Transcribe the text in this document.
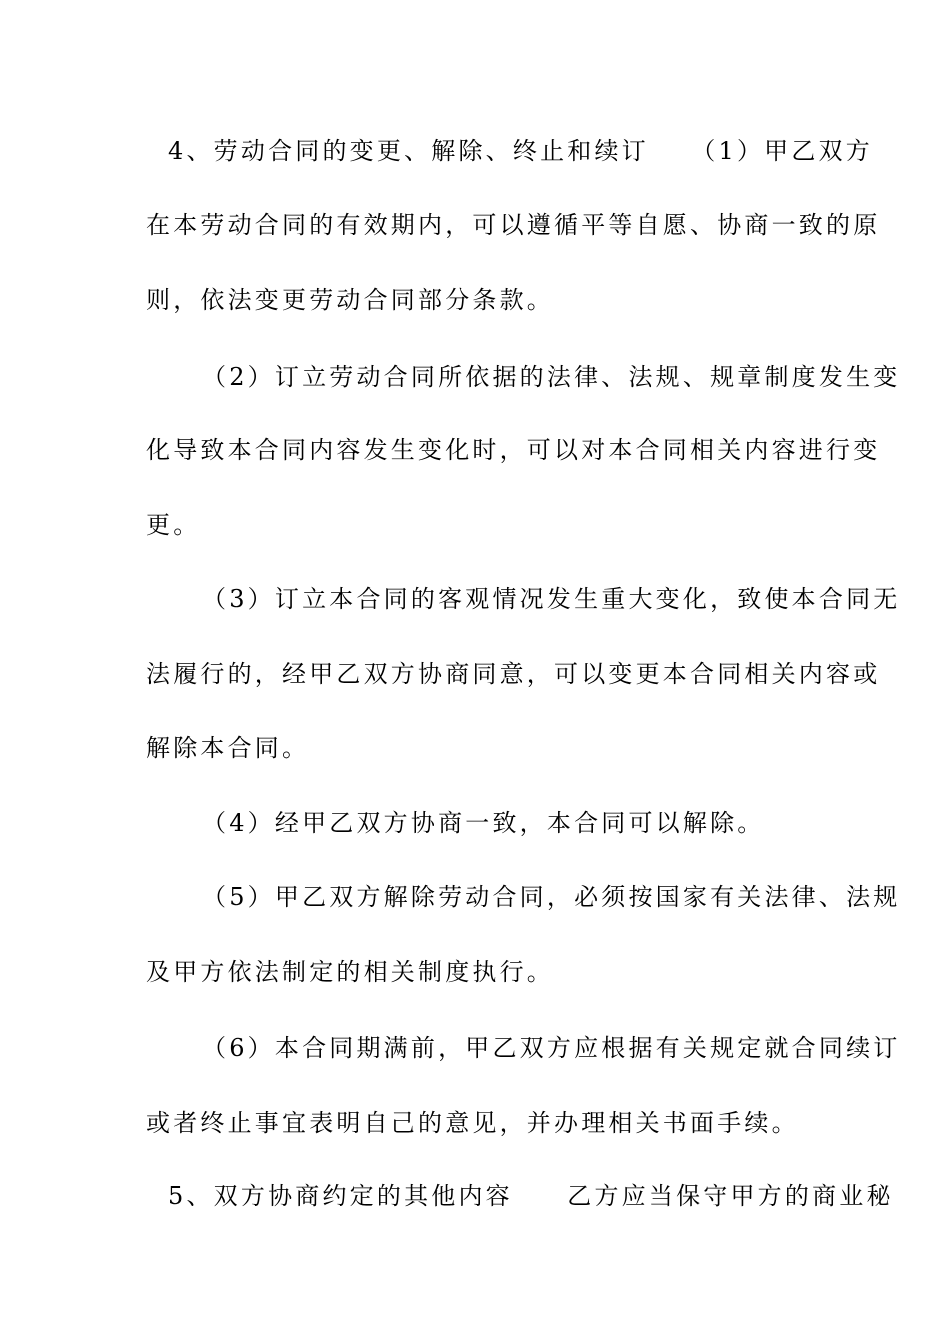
4、劳动合同的变更、解除、终止和续订　　（1）甲乙双方
在本劳动合同的有效期内，可以遵循平等自愿、协商一致的原
则，依法变更劳动合同部分条款。
（2）订立劳动合同所依据的法律、法规、规章制度发生变
化导致本合同内容发生变化时，可以对本合同相关内容进行变
更。
（3）订立本合同的客观情况发生重大变化，致使本合同无
法履行的，经甲乙双方协商同意，可以变更本合同相关内容或
解除本合同。
（4）经甲乙双方协商一致，本合同可以解除。
（5）甲乙双方解除劳动合同，必须按国家有关法律、法规
及甲方依法制定的相关制度执行。
（6）本合同期满前，甲乙双方应根据有关规定就合同续订
或者终止事宜表明自己的意见，并办理相关书面手续。
5、双方协商约定的其他内容　　乙方应当保守甲方的商业秘
